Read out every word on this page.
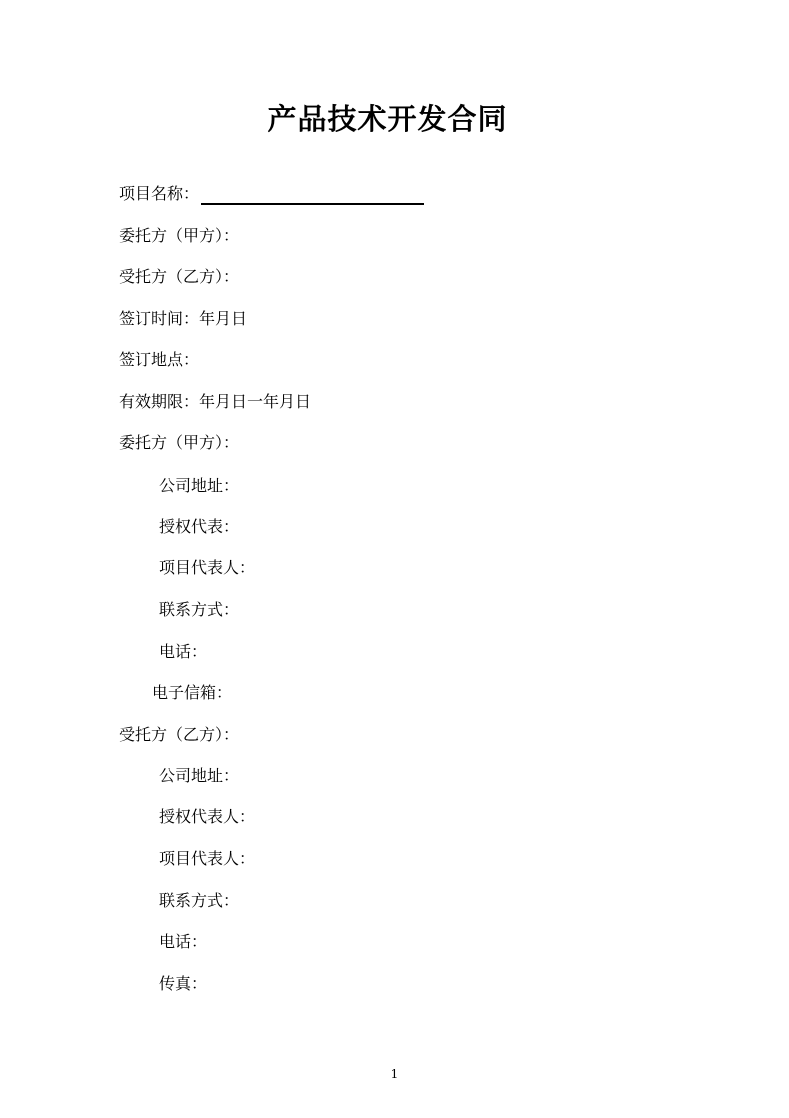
产品技术开发合同
项目名称：
委托方（甲方）：
受托方（乙方）：
签订时间：年月日
签订地点：
有效期限：年月日一年月日
委托方（甲方）：
公司地址：
授权代表：
项目代表人：
联系方式：
电话：
电子信箱：
受托方（乙方）：
公司地址：
授权代表人：
项目代表人：
联系方式：
电话：
传真：
1
